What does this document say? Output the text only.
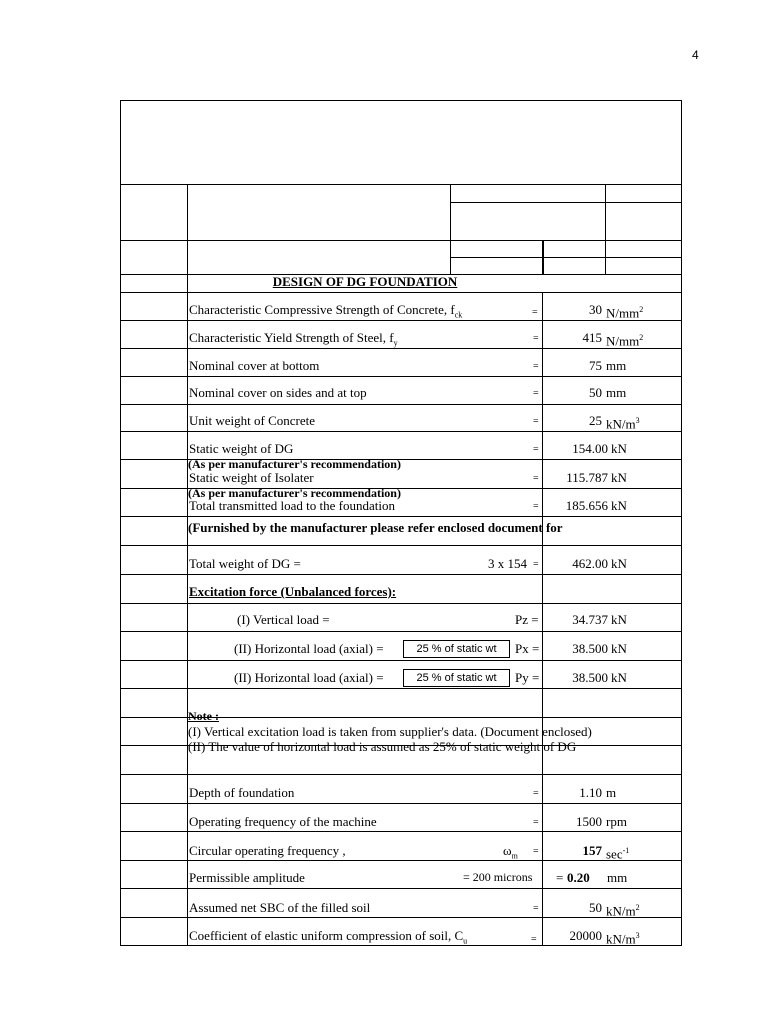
4
DESIGN OF DG FOUNDATION
Characteristic Compressive Strength of Concrete, $f_{ck}$	=	30 $N/mm^2$
Characteristic Yield Strength of Steel, $f_y$	=	415 $N/mm^2$
Nominal cover at bottom	=	75 mm
Nominal cover on sides and at top	=	50 mm
Unit weight of Concrete	=	25 $kN/m^3$
Static weight of DG	=	154.00 kN
(As per manufacturer's recommendation)
Static weight of Isolater	=	115.787 kN
(As per manufacturer's recommendation)
Total transmitted load to the foundation	=	185.656 kN
(Furnished by the manufacturer please refer enclosed document for
Total weight of DG =	3 x 154 =	462.00 kN
Excitation force (Unbalanced forces):
(I) Vertical load =	Pz =	34.737 kN
(II) Horizontal load (axial) =	25 % of static wt	Px =	38.500 kN
(II) Horizontal load (axial) =	25 % of static wt	Py =	38.500 kN
Note :
(I) Vertical excitation load is taken from supplier's data. (Document enclosed)
(II) The value of horizontal load is assumed as 25% of static weight of DG
Depth of foundation	=	1.10 m
Operating frequency of the machine	=	1500 rpm
Circular operating frequency ,	$\omega_m$ =	157 $\sec^{-1}$
Permissible amplitude	= 200 microns = 0.20 mm
Assumed net SBC of the filled soil	=	50 $kN/m^2$
Coefficient of elastic uniform compression of soil, $C_u$	=	20000 $kN/m^3$
